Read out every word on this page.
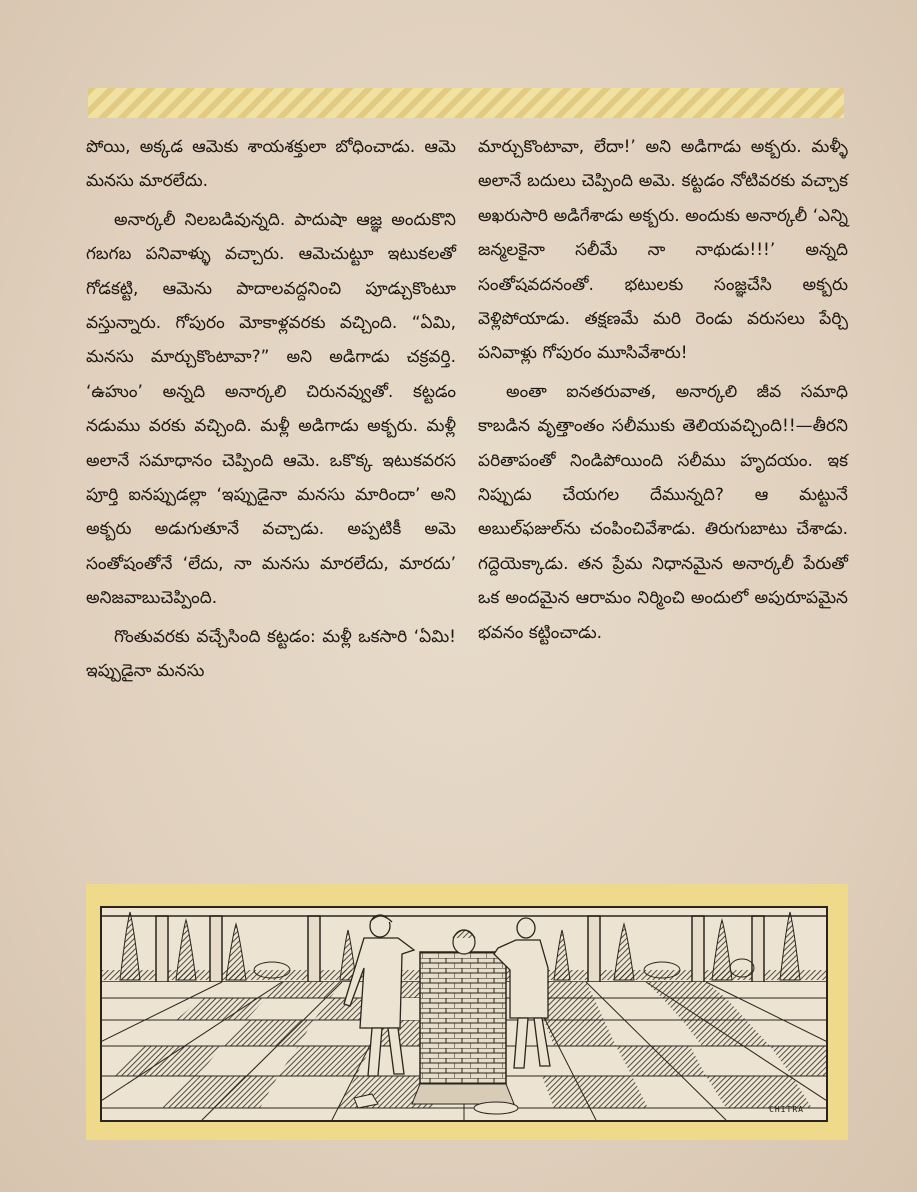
పోయి, అక్కడ ఆమెకు శాయశక్తులా బోధించాడు. ఆమె మనసు మారలేదు.

అనార్కలీ నిలబడివున్నది. పాదుషా ఆజ్ఞ అందుకొని గబగబ పనివాళ్ళు వచ్చారు. ఆమెచుట్టూ ఇటుకలతో గోడకట్టి, ఆమెను పాదాలవద్దనించి పూడ్చుకొంటూ వస్తున్నారు. గోపురం మోకాళ్లవరకు వచ్చింది. “ఏమి, మనసు మార్చుకొంటావా?” అని అడిగాడు చక్రవర్తి. ‘ఉహుం’ అన్నది అనార్కలి చిరునవ్వుతో. కట్టడం నడుము వరకు వచ్చింది. మళ్లీ అడిగాడు అక్బరు. మళ్లీ అలానే సమాధానం చెప్పింది ఆమె. ఒకొక్క ఇటుకవరస పూర్తి ఐనప్పుడల్లా ‘ఇప్పుడైనా మనసు మారిందా’ అని అక్బరు అడుగుతూనే వచ్చాడు. అప్పటికీ అమె సంతోషంతోనే ‘లేదు, నా మనసు మారలేదు, మారదు’ అనిజవాబుచెప్పింది.

గొంతువరకు వచ్చేసింది కట్టడం: మళ్లీ ఒకసారి ‘ఏమి! ఇప్పుడైనా మనసు

మార్చుకొంటావా, లేదా!’ అని అడిగాడు అక్బరు. మళ్ళీ అలానే బదులు చెప్పింది అమె. కట్టడం నోటివరకు వచ్చాక అఖరుసారి అడిగేశాడు అక్బరు. అందుకు అనార్కలీ ‘ఎన్ని జన్మలకైనా సలీమే నా నాథుడు!!!’ అన్నది సంతోషవదనంతో. భటులకు సంజ్ఞచేసి అక్బరు వెళ్లిపోయాడు. తక్షణమే మరి రెండు వరుసలు పేర్చి పనివాళ్లు గోపురం మూసివేశారు!

అంతా ఐనతరువాత, అనార్కలి జీవ సమాధి కాబడిన వృత్తాంతం సలీముకు తెలియవచ్చింది!!—తీరని పరితాపంతో నిండిపోయింది సలీము హృదయం. ఇక నిప్పుడు చేయగల దేమున్నది? ఆ మట్టునే అబుల్‌ఫజుల్‌ను చంపించివేశాడు. తిరుగుబాటు చేశాడు. గద్దెయెక్కాడు. తన ప్రేమ నిధానమైన అనార్కలీ పేరుతో ఒక అందమైన ఆరామం నిర్మించి అందులో అపురూపమైన భవనం కట్టించాడు.

CHITRA
